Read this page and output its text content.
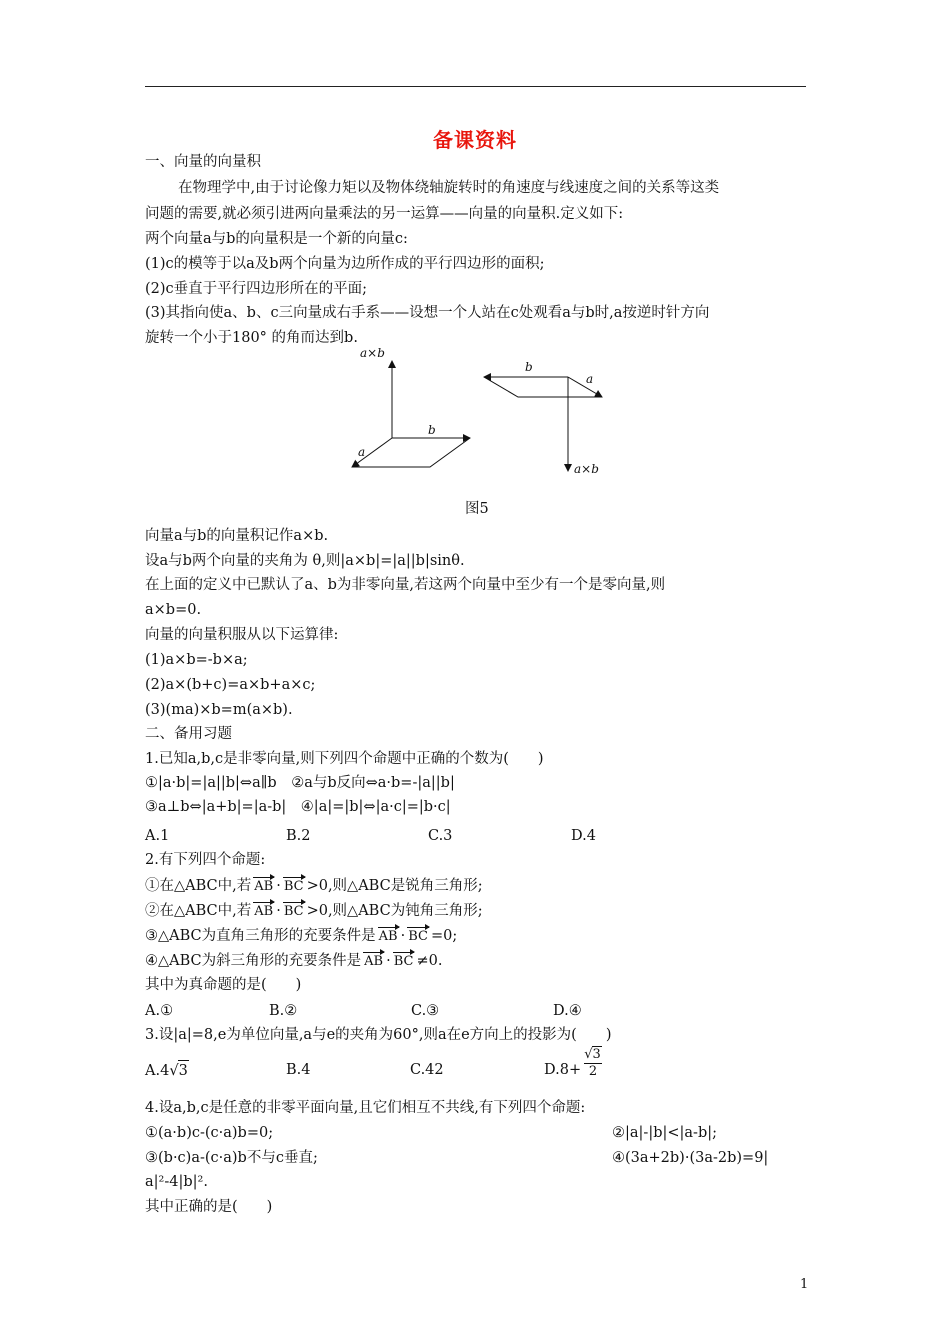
备课资料
一、向量的向量积
在物理学中,由于讨论像力矩以及物体绕轴旋转时的角速度与线速度之间的关系等这类
问题的需要,就必须引进两向量乘法的另一运算——向量的向量积.定义如下:
两个向量a与b的向量积是一个新的向量c:
(1)c的模等于以a及b两个向量为边所作成的平行四边形的面积;
(2)c垂直于平行四边形所在的平面;
(3)其指向使a、b、c三向量成右手系——设想一个人站在c处观看a与b时,a按逆时针方向
旋转一个小于180° 的角而达到b.
a×b
b
a
b
a
a×b
图5
向量a与b的向量积记作a×b.
设a与b两个向量的夹角为 θ,则|a×b|=|a||b|sinθ.
在上面的定义中已默认了a、b为非零向量,若这两个向量中至少有一个是零向量,则
a×b=0.
向量的向量积服从以下运算律:
(1)a×b=-b×a;
(2)a×(b+c)=a×b+a×c;
(3)(ma)×b=m(a×b).
二、备用习题
1.已知a,b,c是非零向量,则下列四个命题中正确的个数为(　　)
①|a·b|=|a||b|⇔a∥b　②a与b反向⇔a·b=-|a||b|
③a⊥b⇔|a+b|=|a-b|　④|a|=|b|⇔|a·c|=|b·c|
A.1	B.2	C.3	D.4
2.有下列四个命题:
①在△ABC中,若 AB · BC >0,则△ABC是锐角三角形;
②在△ABC中,若 AB · BC >0,则△ABC为钝角三角形;
③△ABC为直角三角形的充要条件是 AB · BC =0;
④△ABC为斜三角形的充要条件是 AB · BC ≠0.
其中为真命题的是(　　)
A.①	B.②	C.③	D.④
3.设|a|=8,e为单位向量,a与e的夹角为60°,则a在e方向上的投影为(　　)
A.4√3	B.4	C.42	$D.8+ \frac{√3}{2}$
4.设a,b,c是任意的非零平面向量,且它们相互不共线,有下列四个命题:
①(a·b)c-(c·a)b=0;	②|a|-|b|<|a-b|;
③(b·c)a-(c·a)b不与c垂直;	④(3a+2b)·(3a-2b)=9|
a|²-4|b|².
其中正确的是(　　)
1
